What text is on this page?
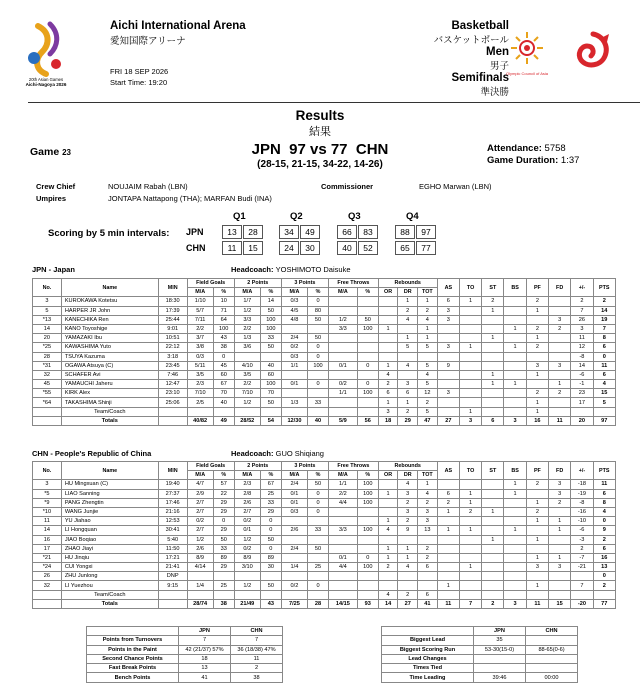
20th Asian Games
Aichi-Nagoya 2026
Aichi International Arena
愛知国際アリーナ
FRI 18 SEP 2026
Start Time: 19:20
Basketball
バスケットボール
Men
男子
Semifinals
準決勝
Olympic Council of Asia
Results
結果
Game 23	JPN  97 vs 77  CHN
(28-15, 21-15, 34-22, 14-26)
Attendance: 5758
Game Duration: 1:37
Crew Chief	NOUJAIM Rabah (LBN)	Commissioner	EGHO Marwan (LBN)
Umpires	JONTAPA Nattapong (THA); MARFAN Budi (INA)
Scoring by 5 min intervals:
Q1	Q2	Q3	Q4
JPN	13	28	34	49	66	83	88	97
CHN	11	15	24	30	40	52	65	77
JPN - Japan	Headcoach: YOSHIMOTO Daisuke
No.	Name	MIN	Field Goals		2 Points		3 Points		Free Throws		Rebounds			AS	TO	ST	BS	PF	FD	+/-	PTS
			M/A	%	M/A	%	M/A	%	M/A	%	OR	DR	TOT								
3	KUROKAWA Kotetsu	18:30	1/10	10	1/7	14	0/3	0				1	1	6	1	2		2		2	2
5	HARPER JR John	17:39	5/7	71	1/2	50	4/5	80				2	2	3		1		1		7	14
*13	KANECHIKA Ren	25:44	7/11	64	3/3	100	4/8	50	1/2	50		4	4	3					3	26	19
14	KANO Toyoshige	9:01	2/2	100	2/2	100			3/3	100	1		1				1	2	2	3	7
20	YAMAZAKI Ibu	10:51	3/7	43	1/3	33	2/4	50				1	1			1		1		11	8
*25	KAWASHIMA Yuto	22:12	3/8	38	3/6	50	0/2	0				5	5	3	1		1	2		12	6
28	TSUYA Kazuma	3:18	0/3	0			0/3	0												-8	0
*31	OGAWA Atsuya (C)	23:45	5/11	45	4/10	40	1/1	100	0/1	0	1	4	5	9				3	3	14	11
32	SCHAFER Avi	7:46	3/5	60	3/5	60					4		4			1		1		-6	6
45	YAMAUCHI Jaheru	12:47	2/3	67	2/2	100	0/1	0	0/2	0	2	3	5			1	1		1	-1	4
*55	KIRK Alex	23:10	7/10	70	7/10	70			1/1	100	6	6	12	3				2	2	23	15
*64	TAKASHIMA Shinji	25:06	2/5	40	1/2	50	1/3	33			1	1	2					1		17	5
	Team/Coach										3	2	5		1			1			
	Totals		40/82	49	28/52	54	12/30	40	5/9	56	18	29	47	27	3	6	3	16	11	20	97
CHN - People's Republic of China	Headcoach: GUO Shiqiang
No.	Name	MIN	Field Goals		2 Points		3 Points		Free Throws		Rebounds			AS	TO	ST	BS	PF	FD	+/-	PTS
			M/A	%	M/A	%	M/A	%	M/A	%	OR	DR	TOT								
3	HU Mingxuan (C)	19:40	4/7	57	2/3	67	2/4	50	1/1	100		4	1				1	2	3	-18	11
*5	LIAO Sanning	27:37	2/9	22	2/8	25	0/1	0	2/2	100	1	3	4	6	1		1		3	-19	6
*9	PANG Zhengtin	17:46	2/7	29	2/6	33	0/1	0	4/4	100		2	2	2	1			1	2	-8	8
*10	WANG Junjie	21:16	2/7	29	2/7	29	0/3	0				3	3	1	2	1		2		-16	4
11	YU Jiahao	12:53	0/2	0	0/2	0					1	2	3					1	1	-10	0
14	LI Hongquan	30:41	2/7	29	0/1	0	2/6	33	3/3	100	4	9	13	1	1		1		1	-6	9
16	JIAO Boqiao	5:40	1/2	50	1/2	50										1		1		-3	2
17	ZHAO Jiayi	11:50	2/6	33	0/2	0	2/4	50			1	1	2							2	6
*21	HU Jinqiu	17:21	8/9	89	8/9	89			0/1	0	1	1	2					1	1	-7	16
*24	CUI Yongxi	21:41	4/14	29	3/10	30	1/4	25	4/4	100	2	4	6		1			3	3	-21	13
26	ZHU Junlong	DNP																			0
32	LI Yuezhou	9:15	1/4	25	1/2	50	0/2	0						1				1		7	2
	Team/Coach										4	2	6								
	Totals		28/74	38	21/49	43	7/25	28	14/15	93	14	27	41	11	7	2	3	11	15	-20	77
	JPN	CHN
Points from Turnovers	7	7
Points in the Paint	42 (21/37) 57%	36 (18/38) 47%
Second Chance Points	18	11
Fast Break Points	13	2
Bench Points	41	38
	JPN	CHN
Biggest Lead	35	
Biggest Scoring Run	53-30(15-0)	88-65(0-6)
Lead Changes		
Times Tied		
Time Leading	39:46	00:00
